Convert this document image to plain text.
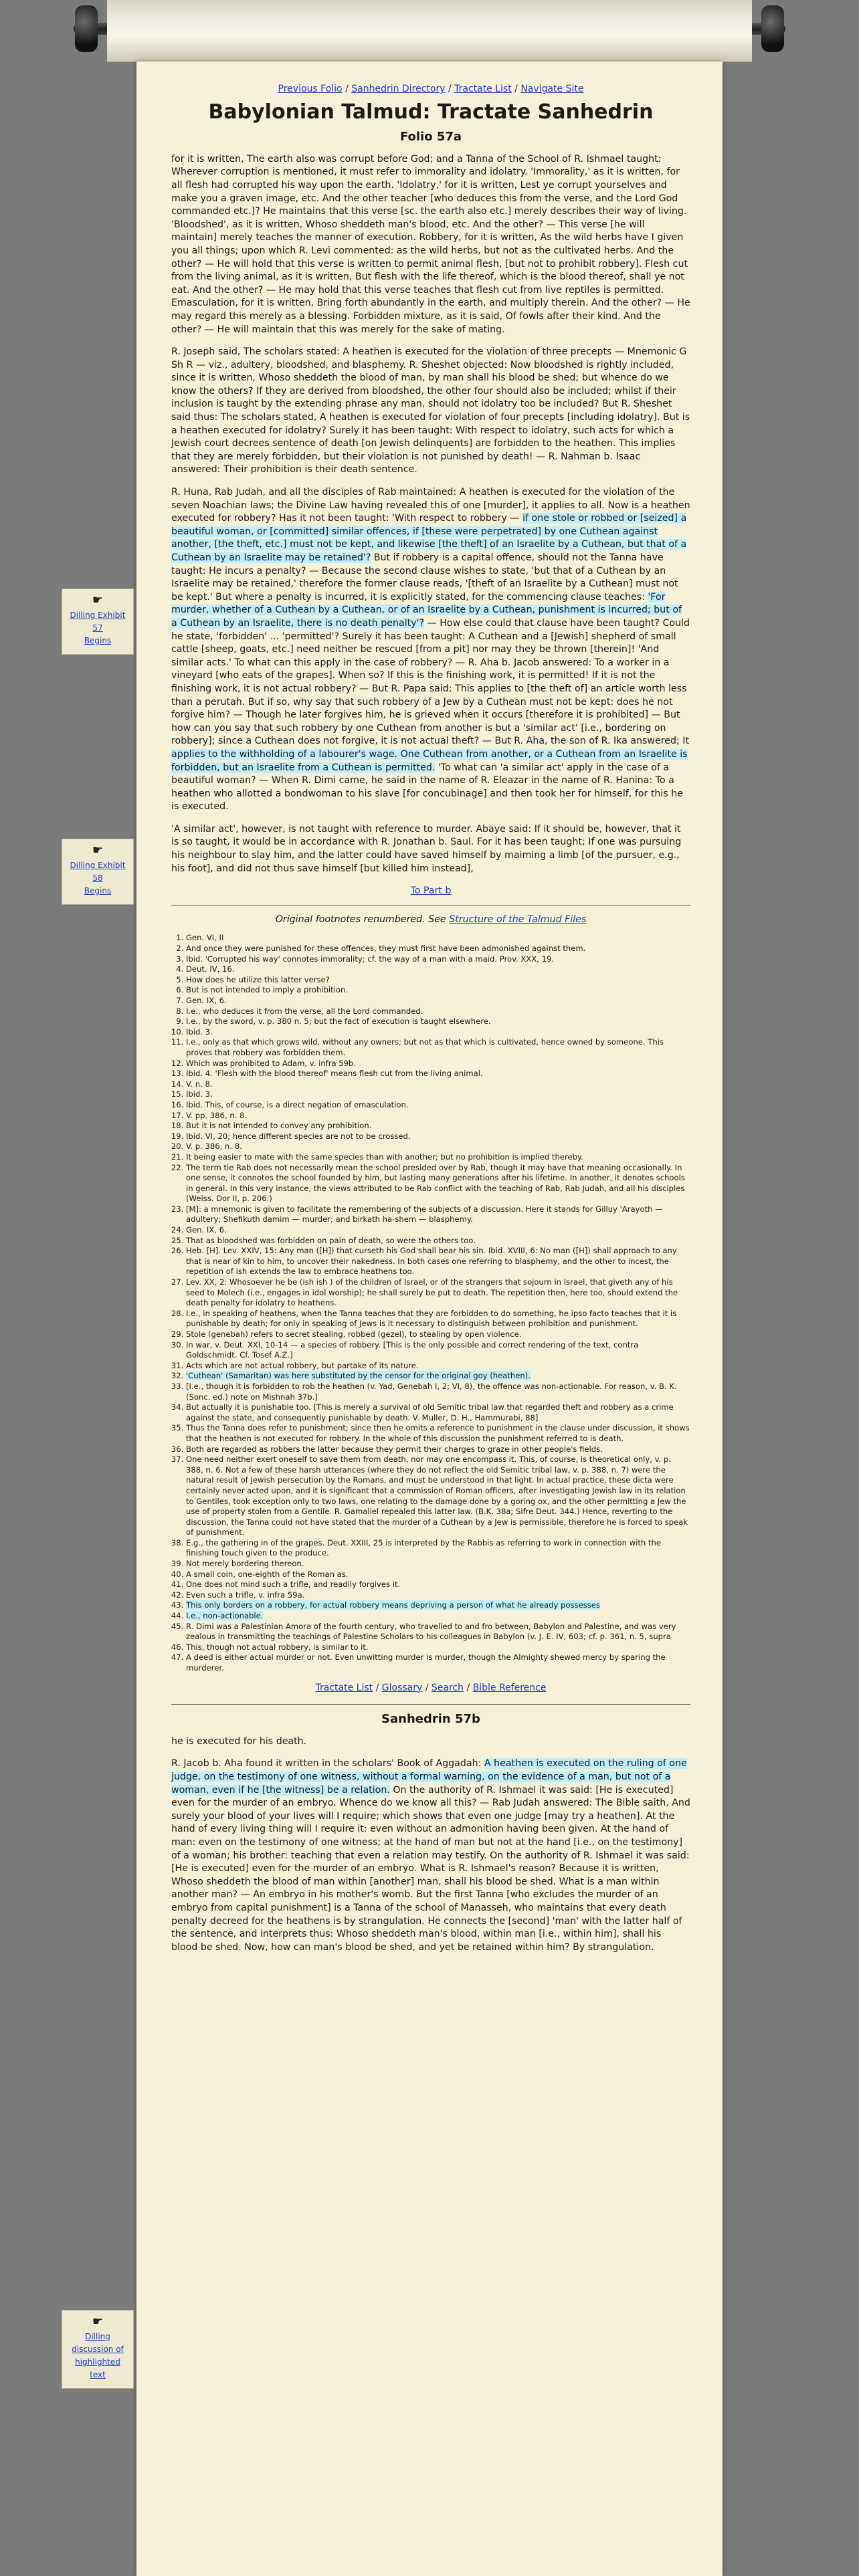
☛
Dilling Exhibit
57
Begins
☛
Dilling Exhibit
58
Begins
☛
Dilling
discussion of
highlighted
text
Previous Folio / Sanhedrin Directory / Tractate List / Navigate Site
Babylonian Talmud: Tractate Sanhedrin
Folio 57a

for it is written, The earth also was corrupt before God; and a Tanna of the School of R. Ishmael taught: Wherever corruption is mentioned, it must refer to immorality and idolatry. 'Immorality,' as it is written, for all flesh had corrupted his way upon the earth. 'Idolatry,' for it is written, Lest ye corrupt yourselves and make you a graven image, etc. And the other teacher [who deduces this from the verse, and the Lord God commanded etc.]? He maintains that this verse [sc. the earth also etc.] merely describes their way of living. 'Bloodshed', as it is written, Whoso sheddeth man's blood, etc. And the other? — This verse [he will maintain] merely teaches the manner of execution. Robbery, for it is written, As the wild herbs have I given you all things; upon which R. Levi commented: as the wild herbs, but not as the cultivated herbs. And the other? — He will hold that this verse is written to permit animal flesh, [but not to prohibit robbery]. Flesh cut from the living animal, as it is written, But flesh with the life thereof, which is the blood thereof, shall ye not eat. And the other? — He may hold that this verse teaches that flesh cut from live reptiles is permitted. Emasculation, for it is written, Bring forth abundantly in the earth, and multiply therein. And the other? — He may regard this merely as a blessing. Forbidden mixture, as it is said, Of fowls after their kind. And the other? — He will maintain that this was merely for the sake of mating.

R. Joseph said, The scholars stated: A heathen is executed for the violation of three precepts — Mnemonic G Sh R — viz., adultery, bloodshed, and blasphemy. R. Sheshet objected: Now bloodshed is rightly included, since it is written, Whoso sheddeth the blood of man, by man shall his blood be shed; but whence do we know the others? If they are derived from bloodshed, the other four should also be included; whilst if their inclusion is taught by the extending phrase any man, should not idolatry too be included? But R. Sheshet said thus: The scholars stated, A heathen is executed for violation of four precepts [including idolatry]. But is a heathen executed for idolatry? Surely it has been taught: With respect to idolatry, such acts for which a Jewish court decrees sentence of death [on Jewish delinquents] are forbidden to the heathen. This implies that they are merely forbidden, but their violation is not punished by death! — R. Nahman b. Isaac answered: Their prohibition is their death sentence.

R. Huna, Rab Judah, and all the disciples of Rab maintained: A heathen is executed for the violation of the seven Noachian laws; the Divine Law having revealed this of one [murder], it applies to all. Now is a heathen executed for robbery? Has it not been taught: 'With respect to robbery — if one stole or robbed or [seized] a beautiful woman, or [committed] similar offences, if [these were perpetrated] by one Cuthean against another, [the theft, etc.] must not be kept, and likewise [the theft] of an Israelite by a Cuthean, but that of a Cuthean by an Israelite may be retained'? But if robbery is a capital offence, should not the Tanna have taught: He incurs a penalty? — Because the second clause wishes to state, 'but that of a Cuthean by an Israelite may be retained,' therefore the former clause reads, '[theft of an Israelite by a Cuthean] must not be kept.' But where a penalty is incurred, it is explicitly stated, for the commencing clause teaches: 'For murder, whether of a Cuthean by a Cuthean, or of an Israelite by a Cuthean, punishment is incurred; but of a Cuthean by an Israelite, there is no death penalty'? — How else could that clause have been taught? Could he state, 'forbidden' ... 'permitted'? Surely it has been taught: A Cuthean and a [Jewish] shepherd of small cattle [sheep, goats, etc.] need neither be rescued [from a pit] nor may they be thrown [therein]! 'And similar acts.' To what can this apply in the case of robbery? — R. Aha b. Jacob answered: To a worker in a vineyard [who eats of the grapes]. When so? If this is the finishing work, it is permitted! If it is not the finishing work, it is not actual robbery? — But R. Papa said: This applies to [the theft of] an article worth less than a perutah. But if so, why say that such robbery of a Jew by a Cuthean must not be kept: does he not forgive him? — Though he later forgives him, he is grieved when it occurs [therefore it is prohibited] — But how can you say that such robbery by one Cuthean from another is but a 'similar act' [i.e., bordering on robbery]; since a Cuthean does not forgive, it is not actual theft? — But R. Aha, the son of R. Ika answered; It applies to the withholding of a labourer's wage. One Cuthean from another, or a Cuthean from an Israelite is forbidden, but an Israelite from a Cuthean is permitted. 'To what can 'a similar act' apply in the case of a beautiful woman? — When R. Dimi came, he said in the name of R. Eleazar in the name of R. Hanina: To a heathen who allotted a bondwoman to his slave [for concubinage] and then took her for himself, for this he is executed.

'A similar act', however, is not taught with reference to murder. Abaye said: If it should be, however, that it is so taught, it would be in accordance with R. Jonathan b. Saul. For it has been taught; If one was pursuing his neighbour to slay him, and the latter could have saved himself by maiming a limb [of the pursuer, e.g., his foot], and did not thus save himself [but killed him instead],

To Part b
Original footnotes renumbered. See Structure of the Talmud Files
1. Gen. VI, II
2. And once they were punished for these offences, they must first have been admonished against them.
3. Ibid. 'Corrupted his way' connotes immorality; cf. the way of a man with a maid. Prov. XXX, 19.
4. Deut. IV, 16.
5. How does he utilize this latter verse?
6. But is not intended to imply a prohibition.
7. Gen. IX, 6.
8. I.e., who deduces it from the verse, all the Lord commanded.
9. I.e., by the sword, v. p. 380 n. 5; but the fact of execution is taught elsewhere.
10. Ibid. 3.
11. I.e., only as that which grows wild, without any owners; but not as that which is cultivated, hence owned by someone. This proves that robbery was forbidden them.
12. Which was prohibited to Adam, v. infra 59b.
13. Ibid. 4. 'Flesh with the blood thereof' means flesh cut from the living animal.
14. V. n. 8.
15. Ibid. 3.
16. Ibid. This, of course, is a direct negation of emasculation.
17. V. pp. 386, n. 8.
18. But it is not intended to convey any prohibition.
19. Ibid. VI, 20; hence different species are not to be crossed.
20. V. p. 386, n. 8.
21. It being easier to mate with the same species than with another; but no prohibition is implied thereby.
22. The term tie Rab does not necessarily mean the school presided over by Rab, though it may have that meaning occasionally. In one sense, it connotes the school founded by him, but lasting many generations after his lifetime. In another, it denotes schools in general. In this very instance, the views attributed to be Rab conflict with the teaching of Rab, Rab Judah, and all his disciples (Weiss. Dor II, p. 206.)
23. [M]: a mnemonic is given to facilitate the remembering of the subjects of a discussion. Here it stands for Gilluy 'Arayoth — adultery; Shefikuth damim — murder; and birkath ha-shem — blasphemy.
24. Gen. IX, 6.
25. That as bloodshed was forbidden on pain of death, so were the others too.
26. Heb. [H]. Lev. XXIV, 15: Any man ([H]) that curseth his God shall bear his sin. Ibid. XVIII, 6: No man ([H]) shall approach to any that is near of kin to him, to uncover their nakedness. In both cases one referring to blasphemy, and the other to incest, the repetition of ish extends the law to embrace heathens too.
27. Lev. XX, 2: Whosoever he be (ish ish ) of the children of Israel, or of the strangers that sojourn in Israel, that giveth any of his seed to Molech (i.e., engages in idol worship); he shall surely be put to death. The repetition then, here too, should extend the death penalty for idolatry to heathens.
28. I.e., in speaking of heathens, when the Tanna teaches that they are forbidden to do something, he ipso facto teaches that it is punishable by death; for only in speaking of Jews is it necessary to distinguish between prohibition and punishment.
29. Stole (genebah) refers to secret stealing, robbed (gezel), to stealing by open violence.
30. In war, v. Deut. XXI, 10-14 — a species of robbery. [This is the only possible and correct rendering of the text, contra Goldschmidt. Cf. Tosef A.Z.]
31. Acts which are not actual robbery, but partake of its nature.
32. 'Cuthean' (Samaritan) was here substituted by the censor for the original goy (heathen).
33. [I.e., though it is forbidden to rob the heathen (v. Yad, Genebah I, 2; VI, 8), the offence was non-actionable. For reason, v. B. K. (Sonc. ed.) note on Mishnah 37b.]
34. But actually it is punishable too. [This is merely a survival of old Semitic tribal law that regarded theft and robbery as a crime against the state, and consequently punishable by death. V. Muller, D. H., Hammurabi, 88]
35. Thus the Tanna does refer to punishment; since then he omits a reference to punishment in the clause under discussion, it shows that the heathen is not executed for robbery. In the whole of this discussion the punishment referred to is death.
36. Both are regarded as robbers the latter because they permit their charges to graze in other people's fields.
37. One need neither exert oneself to save them from death, nor may one encompass it. This, of course, is theoretical only, v. p. 388, n. 6. Not a few of these harsh utterances (where they do not reflect the old Semitic tribal law, v. p. 388, n. 7) were the natural result of Jewish persecution by the Romans, and must be understood in that light. In actual practice, these dicta were certainly never acted upon, and it is significant that a commission of Roman officers, after investigating Jewish law in its relation to Gentiles, took exception only to two laws, one relating to the damage done by a goring ox, and the other permitting a Jew the use of property stolen from a Gentile. R. Gamaliel repealed this latter law. (B.K. 38a; Sifre Deut. 344.) Hence, reverting to the discussion, the Tanna could not have stated that the murder of a Cuthean by a Jew is permissible, therefore he is forced to speak of punishment.
38. E.g., the gathering in of the grapes. Deut. XXIII, 25 is interpreted by the Rabbis as referring to work in connection with the finishing touch given to the produce.
39. Not merely bordering thereon.
40. A small coin, one-eighth of the Roman as.
41. One does not mind such a trifle, and readily forgives it.
42. Even such a trifle, v. infra 59a.
43. This only borders on a robbery, for actual robbery means depriving a person of what he already possesses
44. I.e., non-actionable.
45. R. Dimi was a Palestinian Amora of the fourth century, who travelled to and fro between, Babylon and Palestine, and was very zealous in transmitting the teachings of Palestine Scholars to his colleagues in Babylon (v. J. E. IV, 603; cf. p. 361, n. 5, supra
46. This, though not actual robbery, is similar to it.
47. A deed is either actual murder or not. Even unwitting murder is murder, though the Almighty shewed mercy by sparing the murderer.
Tractate List / Glossary / Search / Bible Reference
Sanhedrin 57b

he is executed for his death.

R. Jacob b. Aha found it written in the scholars' Book of Aggadah: A heathen is executed on the ruling of one judge, on the testimony of one witness, without a formal warning, on the evidence of a man, but not of a woman, even if he [the witness] be a relation. On the authority of R. Ishmael it was said: [He is executed] even for the murder of an embryo. Whence do we know all this? — Rab Judah answered: The Bible saith, And surely your blood of your lives will I require; which shows that even one judge [may try a heathen]. At the hand of every living thing will I require it: even without an admonition having been given. At the hand of man: even on the testimony of one witness; at the hand of man but not at the hand [i.e., on the testimony] of a woman; his brother: teaching that even a relation may testify. On the authority of R. Ishmael it was said: [He is executed] even for the murder of an embryo. What is R. Ishmael's reason? Because it is written, Whoso sheddeth the blood of man within [another] man, shall his blood be shed. What is a man within another man? — An embryo in his mother's womb. But the first Tanna [who excludes the murder of an embryo from capital punishment] is a Tanna of the school of Manasseh, who maintains that every death penalty decreed for the heathens is by strangulation. He connects the [second] 'man' with the latter half of the sentence, and interprets thus: Whoso sheddeth man's blood, within man [i.e., within him], shall his blood be shed. Now, how can man's blood be shed, and yet be retained within him? By strangulation.
